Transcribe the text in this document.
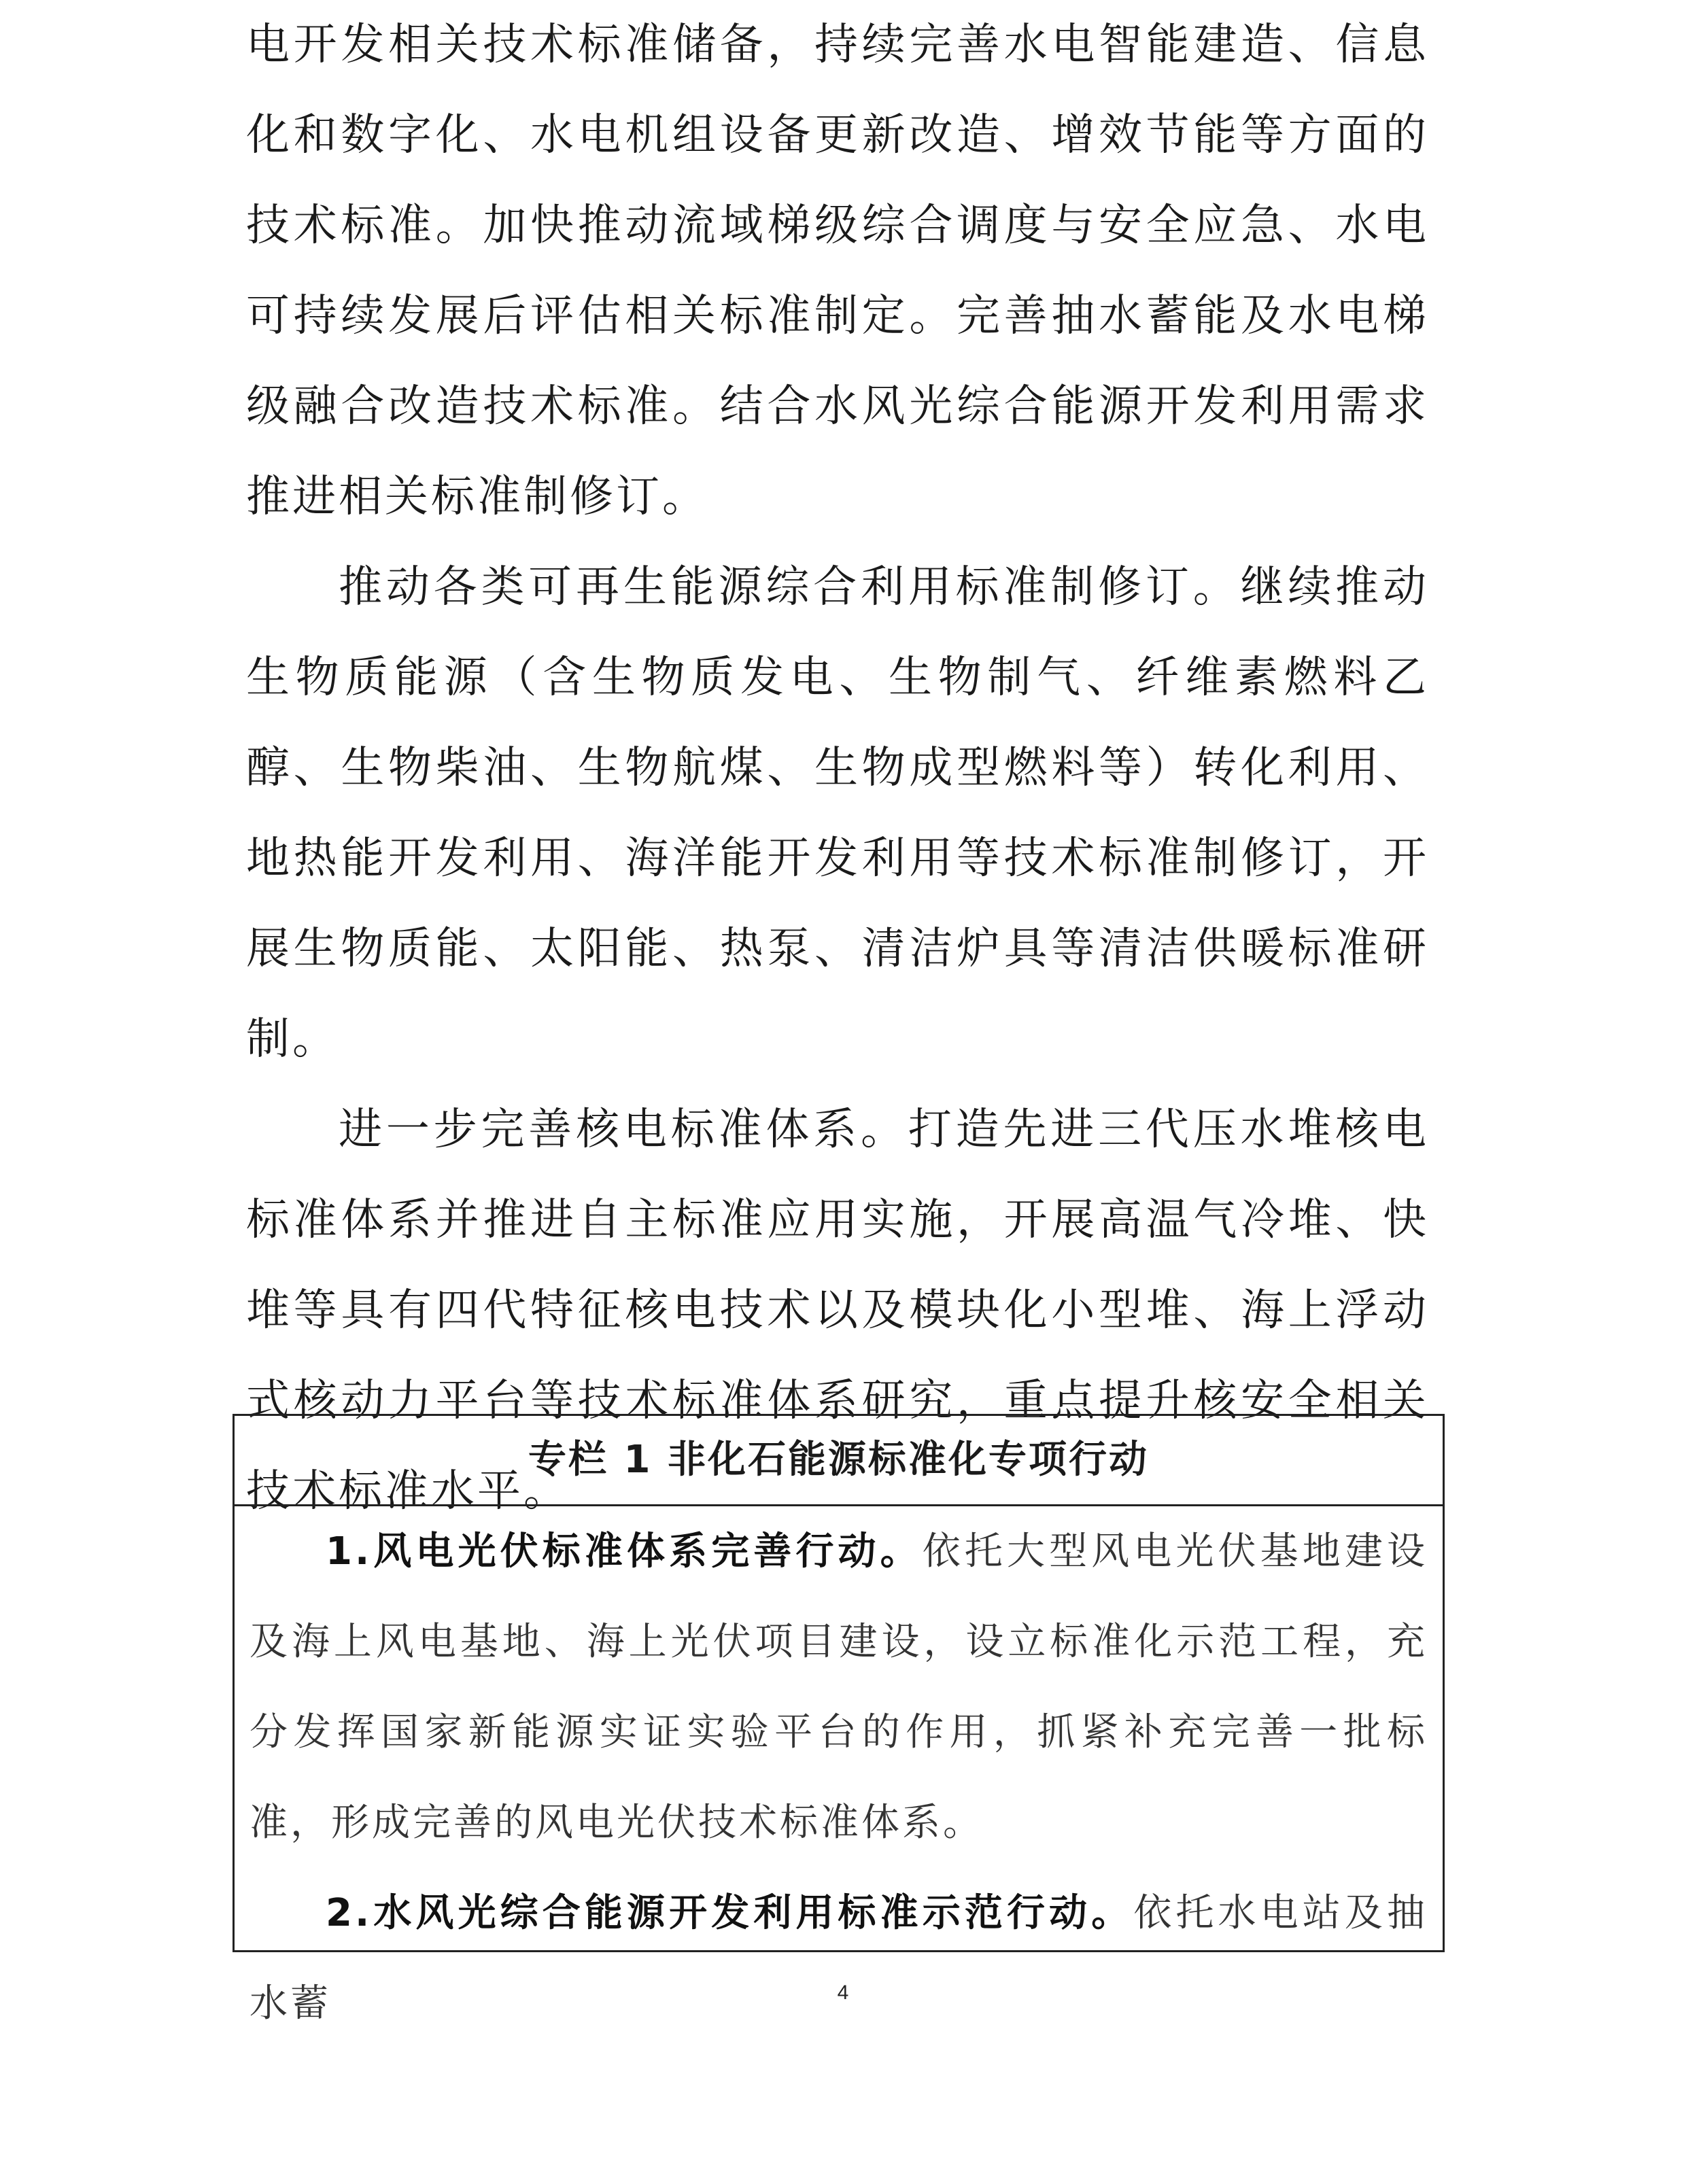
电开发相关技术标准储备，持续完善水电智能建造、信息化和数字化、水电机组设备更新改造、增效节能等方面的技术标准。加快推动流域梯级综合调度与安全应急、水电可持续发展后评估相关标准制定。完善抽水蓄能及水电梯级融合改造技术标准。结合水风光综合能源开发利用需求推进相关标准制修订。

推动各类可再生能源综合利用标准制修订。继续推动生物质能源（含生物质发电、生物制气、纤维素燃料乙醇、生物柴油、生物航煤、生物成型燃料等）转化利用、地热能开发利用、海洋能开发利用等技术标准制修订，开展生物质能、太阳能、热泵、清洁炉具等清洁供暖标准研制。

进一步完善核电标准体系。打造先进三代压水堆核电标准体系并推进自主标准应用实施，开展高温气冷堆、快堆等具有四代特征核电技术以及模块化小型堆、海上浮动式核动力平台等技术标准体系研究，重点提升核安全相关技术标准水平。

专栏 1 非化石能源标准化专项行动

1.风电光伏标准体系完善行动。依托大型风电光伏基地建设及海上风电基地、海上光伏项目建设，设立标准化示范工程，充分发挥国家新能源实证实验平台的作用，抓紧补充完善一批标准，形成完善的风电光伏技术标准体系。

2.水风光综合能源开发利用标准示范行动。依托水电站及抽水蓄	4
